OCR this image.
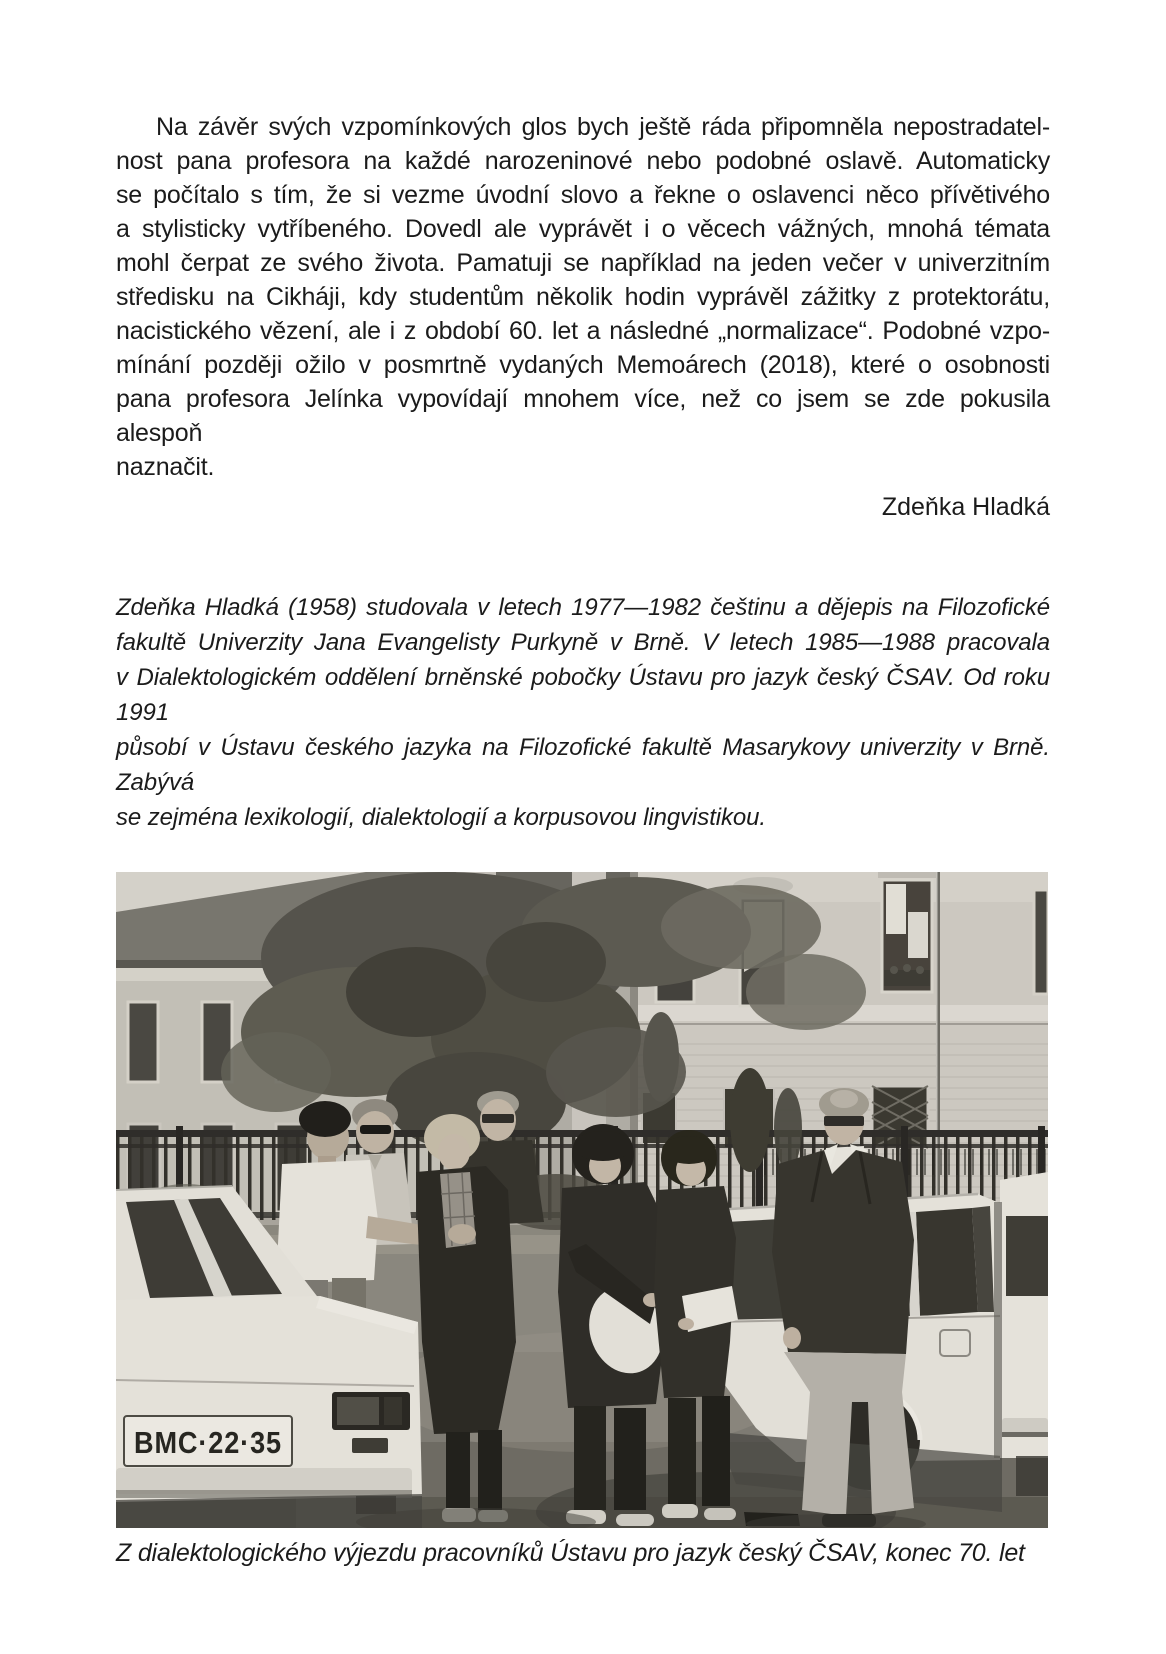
Na závěr svých vzpomínkových glos bych ještě ráda připomněla nepostradatel-
nost pana profesora na každé narozeninové nebo podobné oslavě. Automaticky
se počítalo s tím, že si vezme úvodní slovo a řekne o oslavenci něco přívětivého
a stylisticky vytříbeného. Dovedl ale vyprávět i o věcech vážných, mnohá témata
mohl čerpat ze svého života. Pamatuji se například na jeden večer v univerzitním
středisku na Cikháji, kdy studentům několik hodin vyprávěl zážitky z protektorátu,
nacistického vězení, ale i z období 60. let a následné „normalizace“. Podobné vzpo-
mínání později ožilo v posmrtně vydaných Memoárech (2018), které o osobnosti
pana profesora Jelínka vypovídají mnohem více, než co jsem se zde pokusila alespoň
naznačit.
Zdeňka Hladká
Zdeňka Hladká (1958) studovala v letech 1977—1982 češtinu a dějepis na Filozofické
fakultě Univerzity Jana Evangelisty Purkyně v Brně. V letech 1985—1988 pracovala
v Dialektologickém oddělení brněnské pobočky Ústavu pro jazyk český ČSAV. Od roku 1991
působí v Ústavu českého jazyka na Filozofické fakultě Masarykovy univerzity v Brně. Zabývá
se zejména lexikologií, dialektologií a korpusovou lingvistikou.
BMC·22·35
Z dialektologického výjezdu pracovníků Ústavu pro jazyk český ČSAV, konec 70. let
